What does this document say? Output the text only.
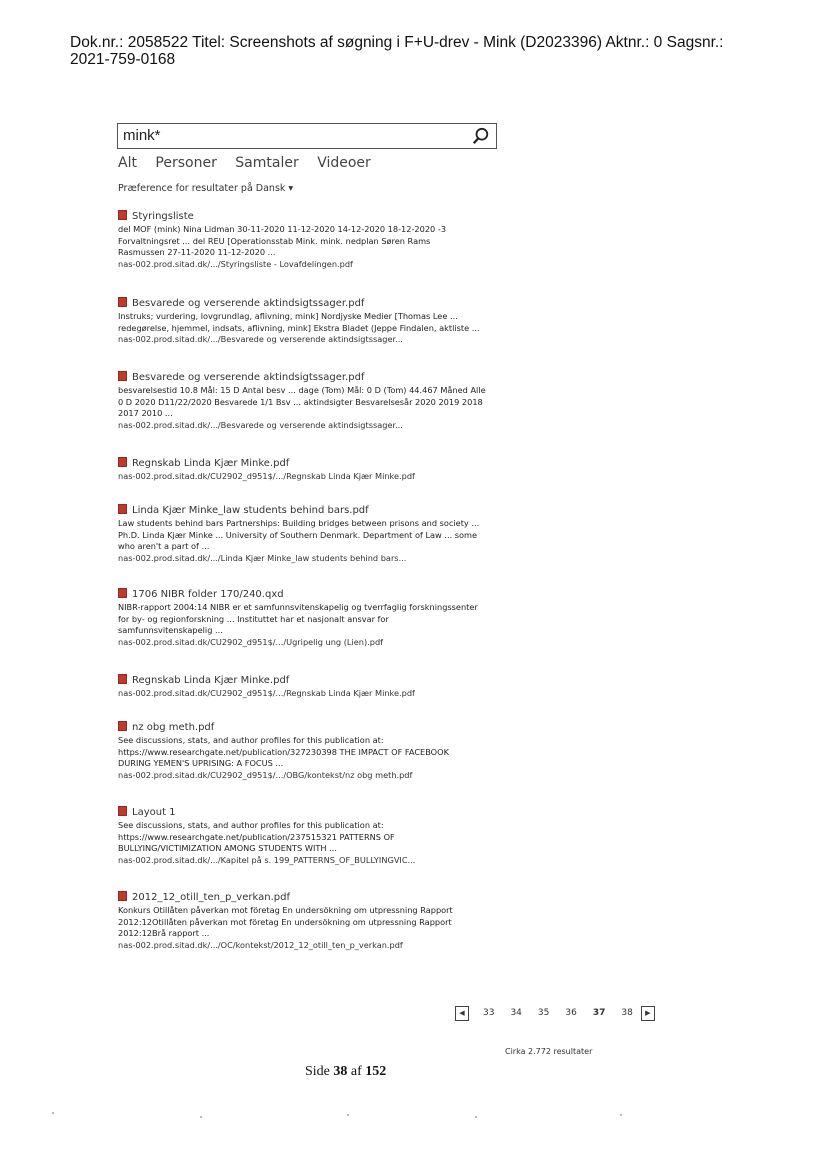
Dok.nr.: 2058522 Titel: Screenshots af søgning i F+U-drev - Mink (D2023396) Aktnr.: 0 Sagsnr.:
2021-759-0168
mink*
Alt Personer Samtaler Videoer
Præference for resultater på Dansk ▾
Styringsliste
del MOF (mink) Nina Lidman 30-11-2020 11-12-2020 14-12-2020 18-12-2020 -3
Forvaltningsret ... del REU [Operationsstab Mink. mink. nedplan Søren Rams
Rasmussen 27-11-2020 11-12-2020 ...
nas-002.prod.sitad.dk/.../Styringsliste - Lovafdelingen.pdf
Besvarede og verserende aktindsigtssager.pdf
Instruks; vurdering, lovgrundlag, aflivning, mink] Nordjyske Medier [Thomas Lee ...
redegørelse, hjemmel, indsats, aflivning, mink] Ekstra Bladet (Jeppe Findalen, aktliste ...
nas-002.prod.sitad.dk/.../Besvarede og verserende aktindsigtssager...
Besvarede og verserende aktindsigtssager.pdf
besvarelsestid 10.8 Mål: 15 D Antal besv ... dage (Tom) Mål: 0 D (Tom) 44.467 Måned Alle
0 D 2020 D11/22/2020 Besvarede 1/1 Bsv ... aktindsigter Besvarelsesår 2020 2019 2018
2017 2010 ...
nas-002.prod.sitad.dk/.../Besvarede og verserende aktindsigtssager...
Regnskab Linda Kjær Minke.pdf
nas-002.prod.sitad.dk/CU2902_d951$/.../Regnskab Linda Kjær Minke.pdf
Linda Kjær Minke_law students behind bars.pdf
Law students behind bars Partnerships: Building bridges between prisons and society ...
Ph.D. Linda Kjær Minke ... University of Southern Denmark. Department of Law ... some
who aren't a part of ...
nas-002.prod.sitad.dk/.../Linda Kjær Minke_law students behind bars...
1706 NIBR folder 170/240.qxd
NIBR-rapport 2004:14 NIBR er et samfunnsvitenskapelig og tverrfaglig forskningssenter
for by- og regionforskning ... Instituttet har et nasjonalt ansvar for
samfunnsvitenskapelig ...
nas-002.prod.sitad.dk/CU2902_d951$/.../Ugripelig ung (Lien).pdf
Regnskab Linda Kjær Minke.pdf
nas-002.prod.sitad.dk/CU2902_d951$/.../Regnskab Linda Kjær Minke.pdf
nz obg meth.pdf
See discussions, stats, and author profiles for this publication at:
https://www.researchgate.net/publication/327230398 THE IMPACT OF FACEBOOK
DURING YEMEN'S UPRISING: A FOCUS ...
nas-002.prod.sitad.dk/CU2902_d951$/.../OBG/kontekst/nz obg meth.pdf
Layout 1
See discussions, stats, and author profiles for this publication at:
https://www.researchgate.net/publication/237515321 PATTERNS OF
BULLYING/VICTIMIZATION AMONG STUDENTS WITH ...
nas-002.prod.sitad.dk/.../Kapitel på s. 199_PATTERNS_OF_BULLYINGVIC...
2012_12_otill_ten_p_verkan.pdf
Konkurs Otillåten påverkan mot företag En undersökning om utpressning Rapport
2012:12Otillåten påverkan mot företag En undersökning om utpressning Rapport
2012:12Brå rapport ...
nas-002.prod.sitad.dk/.../OC/kontekst/2012_12_otill_ten_p_verkan.pdf
◀	33 34 35 36 37 38	▶
Cirka 2.772 resultater
Side 38 af 152
